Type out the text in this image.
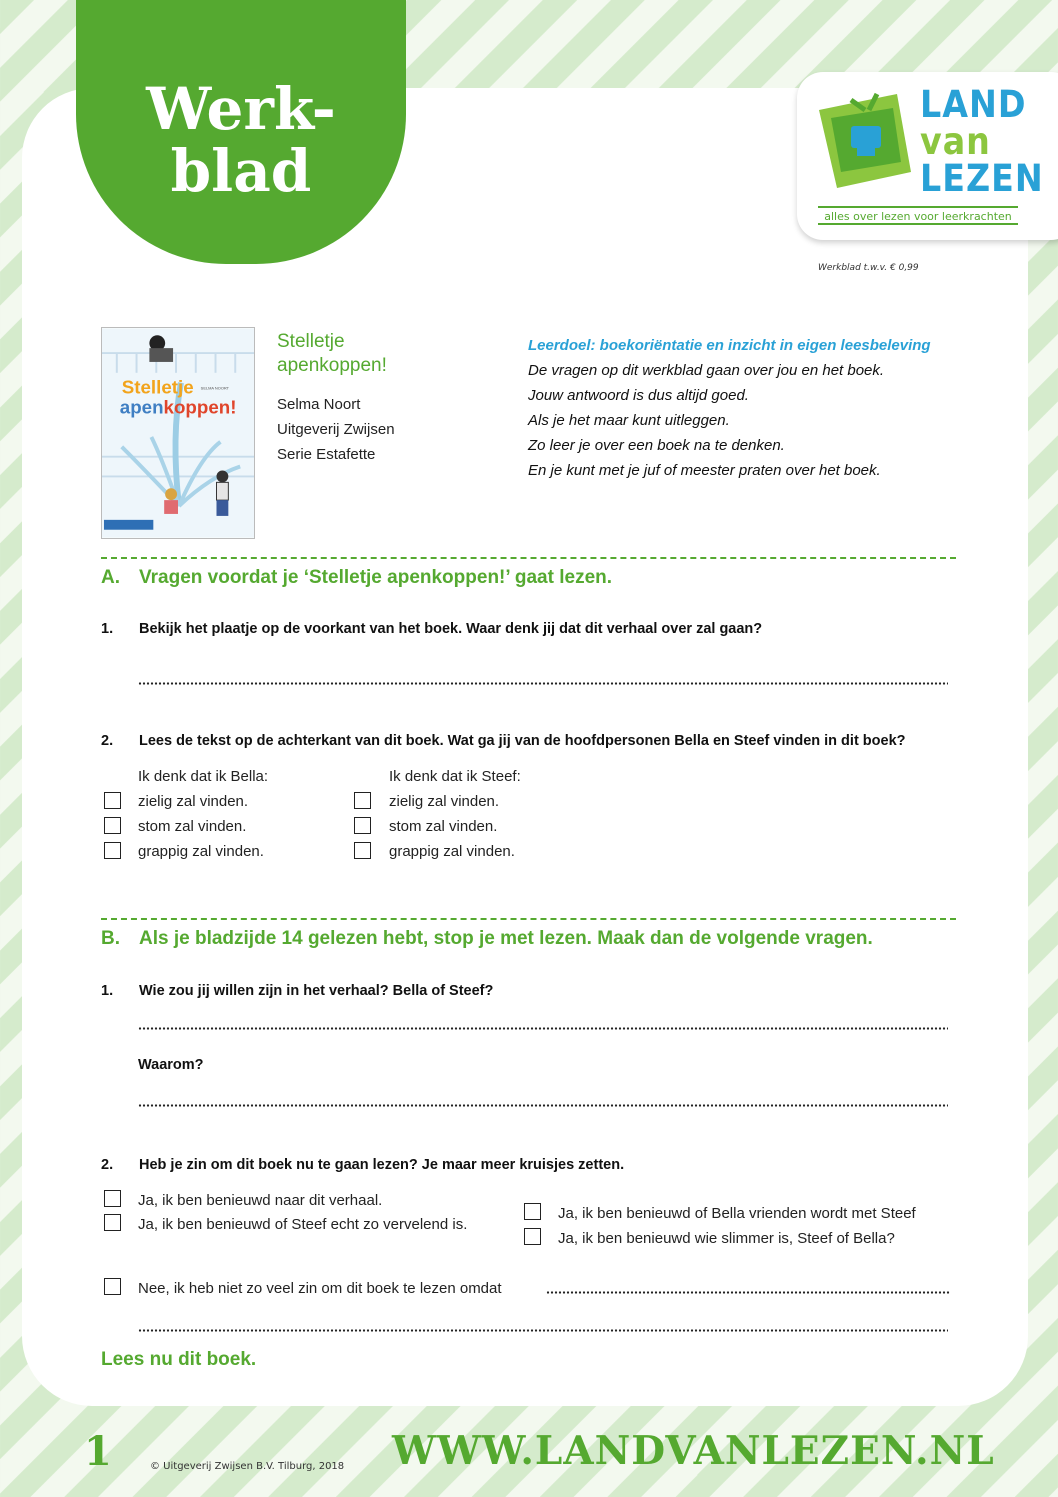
Werk-
blad
LAND
van
LEZEN
alles over lezen voor leerkrachten
Werkblad t.w.v. € 0,99
Stelletje SELMA NOORT
apenkoppen!
Stelletje
apenkoppen!
Selma Noort
Uitgeverij Zwijsen
Serie Estafette
Leerdoel: boekoriëntatie en inzicht in eigen leesbeleving
De vragen op dit werkblad gaan over jou en het boek.
Jouw antwoord is dus altijd goed.
Als je het maar kunt uitleggen.
Zo leer je over een boek na te denken.
En je kunt met je juf of meester praten over het boek.
A. Vragen voordat je ‘Stelletje apenkoppen!’ gaat lezen.
1. Bekijk het plaatje op de voorkant van het boek. Waar denk jij dat dit verhaal over zal gaan?
2. Lees de tekst op de achterkant van dit boek. Wat ga jij van de hoofdpersonen Bella en Steef vinden in dit boek?
Ik denk dat ik Bella:	Ik denk dat ik Steef:
zielig zal vinden.
stom zal vinden.
grappig zal vinden.
zielig zal vinden.
stom zal vinden.
grappig zal vinden.
B. Als je bladzijde 14 gelezen hebt, stop je met lezen. Maak dan de volgende vragen.
1. Wie zou jij willen zijn in het verhaal? Bella of Steef?
Waarom?
2. Heb je zin om dit boek nu te gaan lezen? Je maar meer kruisjes zetten.
Ja, ik ben benieuwd naar dit verhaal.
Ja, ik ben benieuwd of Steef echt zo vervelend is.
Ja, ik ben benieuwd of Bella vrienden wordt met Steef
Ja, ik ben benieuwd wie slimmer is, Steef of Bella?
Nee, ik heb niet zo veel zin om dit boek te lezen omdat
Lees nu dit boek.
1	© Uitgeverij Zwijsen B.V. Tilburg, 2018 WWW.LANDVANLEZEN.NL
